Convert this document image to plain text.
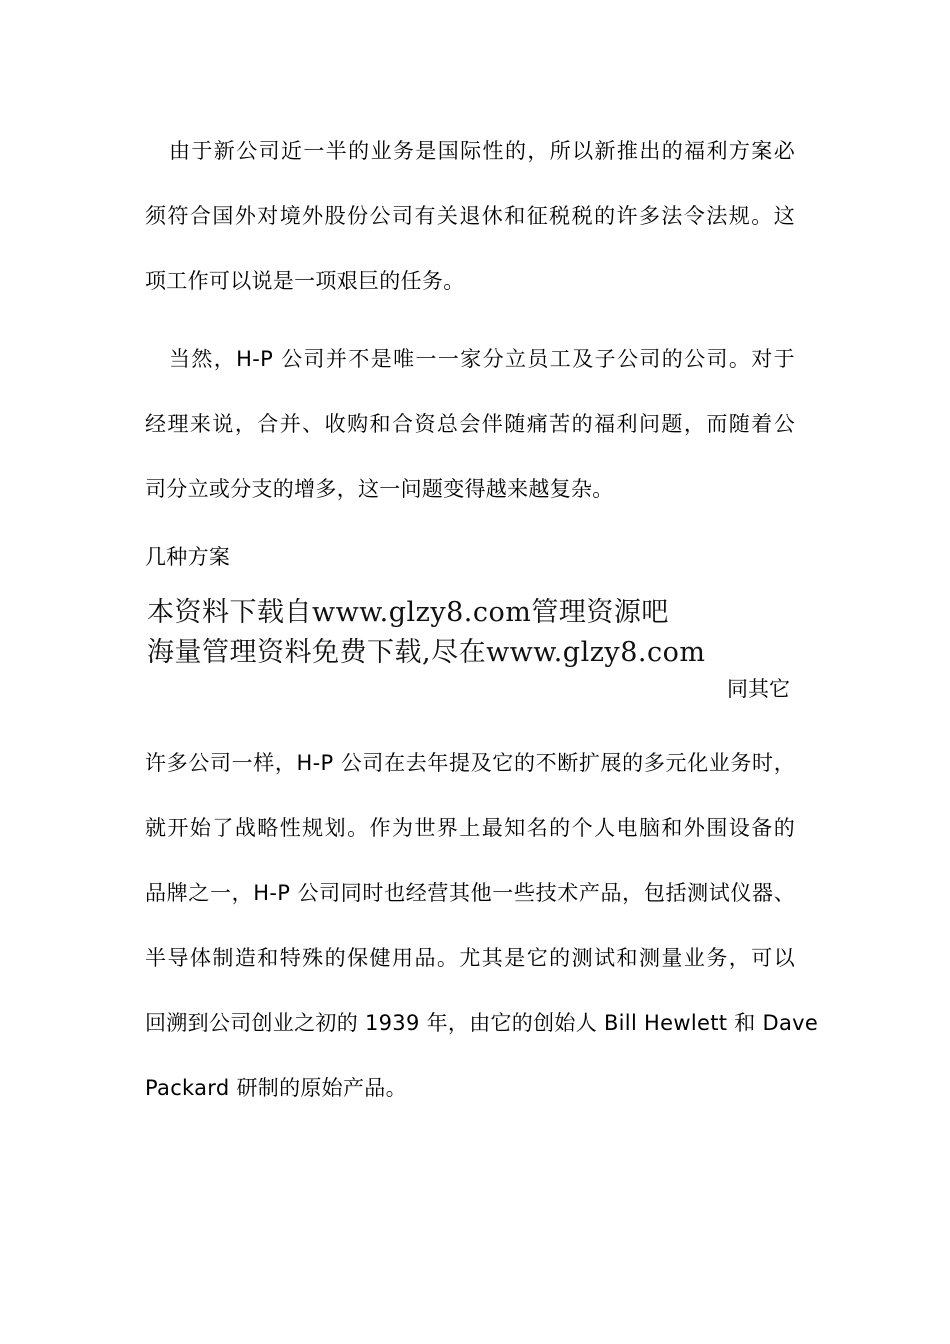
由于新公司近一半的业务是国际性的，所以新推出的福利方案必
须符合国外对境外股份公司有关退休和征税税的许多法令法规。这
项工作可以说是一项艰巨的任务。
当然，H-P 公司并不是唯一一家分立员工及子公司的公司。对于
经理来说，合并、收购和合资总会伴随痛苦的福利问题，而随着公
司分立或分支的增多，这一问题变得越来越复杂。
几种方案
本资料下载自www.glzy8.com管理资源吧
海量管理资料免费下载,尽在www.glzy8.com
同其它
许多公司一样，H-P 公司在去年提及它的不断扩展的多元化业务时，
就开始了战略性规划。作为世界上最知名的个人电脑和外围设备的
品牌之一，H-P 公司同时也经营其他一些技术产品，包括测试仪器、
半导体制造和特殊的保健用品。尤其是它的测试和测量业务，可以
回溯到公司创业之初的 1939 年，由它的创始人 Bill Hewlett 和 Dave
Packard 研制的原始产品。
